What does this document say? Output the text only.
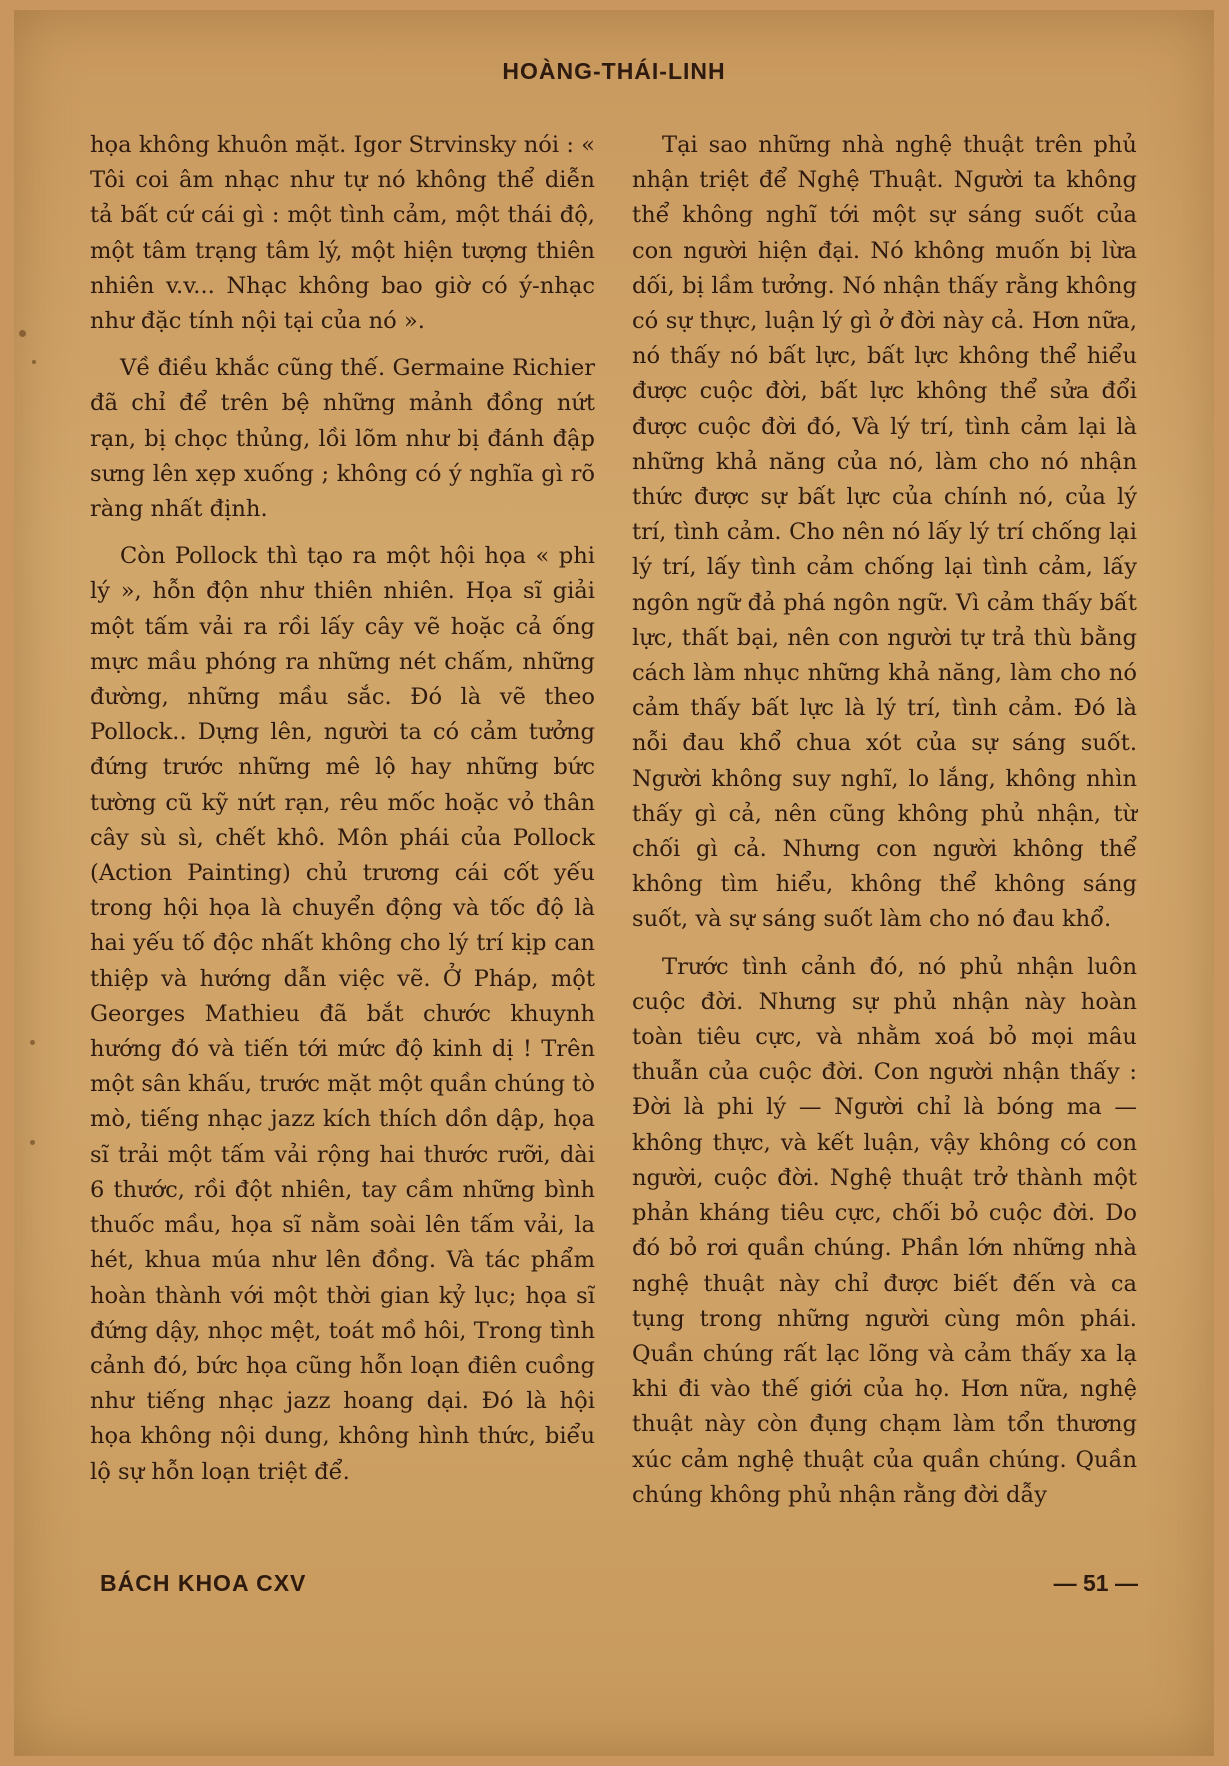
HOÀNG-THÁI-LINH

họa không khuôn mặt. Igor Strvinsky nói : « Tôi coi âm nhạc như tự nó không thể diễn tả bất cứ cái gì : một tình cảm, một thái độ, một tâm trạng tâm lý, một hiện tượng thiên nhiên v.v... Nhạc không bao giờ có ý-nhạc như đặc tính nội tại của nó ».

Về điều khắc cũng thế. Germaine Richier đã chỉ để trên bệ những mảnh đồng nứt rạn, bị chọc thủng, lồi lõm như bị đánh đập sưng lên xẹp xuống ; không có ý nghĩa gì rõ ràng nhất định.

Còn Pollock thì tạo ra một hội họa « phi lý », hỗn độn như thiên nhiên. Họa sĩ giải một tấm vải ra rồi lấy cây vẽ hoặc cả ống mực mầu phóng ra những nét chấm, những đường, những mầu sắc. Đó là vẽ theo Pollock.. Dựng lên, người ta có cảm tưởng đứng trước những mê lộ hay những bức tường cũ kỹ nứt rạn, rêu mốc hoặc vỏ thân cây sù sì, chết khô. Môn phái của Pollock (Action Painting) chủ trương cái cốt yếu trong hội họa là chuyển động và tốc độ là hai yếu tố độc nhất không cho lý trí kịp can thiệp và hướng dẫn việc vẽ. Ở Pháp, một Georges Mathieu đã bắt chước khuynh hướng đó và tiến tới mức độ kinh dị ! Trên một sân khấu, trước mặt một quần chúng tò mò, tiếng nhạc jazz kích thích dồn dập, họa sĩ trải một tấm vải rộng hai thước rưỡi, dài 6 thước, rồi đột nhiên, tay cầm những bình thuốc mầu, họa sĩ nằm soài lên tấm vải, la hét, khua múa như lên đồng. Và tác phẩm hoàn thành với một thời gian kỷ lục; họa sĩ đứng dậy, nhọc mệt, toát mồ hôi, Trong tình cảnh đó, bức họa cũng hỗn loạn điên cuồng như tiếng nhạc jazz hoang dại. Đó là hội họa không nội dung, không hình thức, biểu lộ sự hỗn loạn triệt để.

Tại sao những nhà nghệ thuật trên phủ nhận triệt để Nghệ Thuật. Người ta không thể không nghĩ tới một sự sáng suốt của con người hiện đại. Nó không muốn bị lừa dối, bị lầm tưởng. Nó nhận thấy rằng không có sự thực, luận lý gì ở đời này cả. Hơn nữa, nó thấy nó bất lực, bất lực không thể hiểu được cuộc đời, bất lực không thể sửa đổi được cuộc đời đó, Và lý trí, tình cảm lại là những khả năng của nó, làm cho nó nhận thức được sự bất lực của chính nó, của lý trí, tình cảm. Cho nên nó lấy lý trí chống lại lý trí, lấy tình cảm chống lại tình cảm, lấy ngôn ngữ đả phá ngôn ngữ. Vì cảm thấy bất lực, thất bại, nên con người tự trả thù bằng cách làm nhục những khả năng, làm cho nó cảm thấy bất lực là lý trí, tình cảm. Đó là nỗi đau khổ chua xót của sự sáng suốt. Người không suy nghĩ, lo lắng, không nhìn thấy gì cả, nên cũng không phủ nhận, từ chối gì cả. Nhưng con người không thể không tìm hiểu, không thể không sáng suốt, và sự sáng suốt làm cho nó đau khổ.

Trước tình cảnh đó, nó phủ nhận luôn cuộc đời. Nhưng sự phủ nhận này hoàn toàn tiêu cực, và nhằm xoá bỏ mọi mâu thuẫn của cuộc đời. Con người nhận thấy : Đời là phi lý — Người chỉ là bóng ma — không thực, và kết luận, vậy không có con người, cuộc đời. Nghệ thuật trở thành một phản kháng tiêu cực, chối bỏ cuộc đời. Do đó bỏ rơi quần chúng. Phần lớn những nhà nghệ thuật này chỉ được biết đến và ca tụng trong những người cùng môn phái. Quần chúng rất lạc lõng và cảm thấy xa lạ khi đi vào thế giới của họ. Hơn nữa, nghệ thuật này còn đụng chạm làm tổn thương xúc cảm nghệ thuật của quần chúng. Quần chúng không phủ nhận rằng đời dẫy

BÁCH KHOA CXV	— 51 —
